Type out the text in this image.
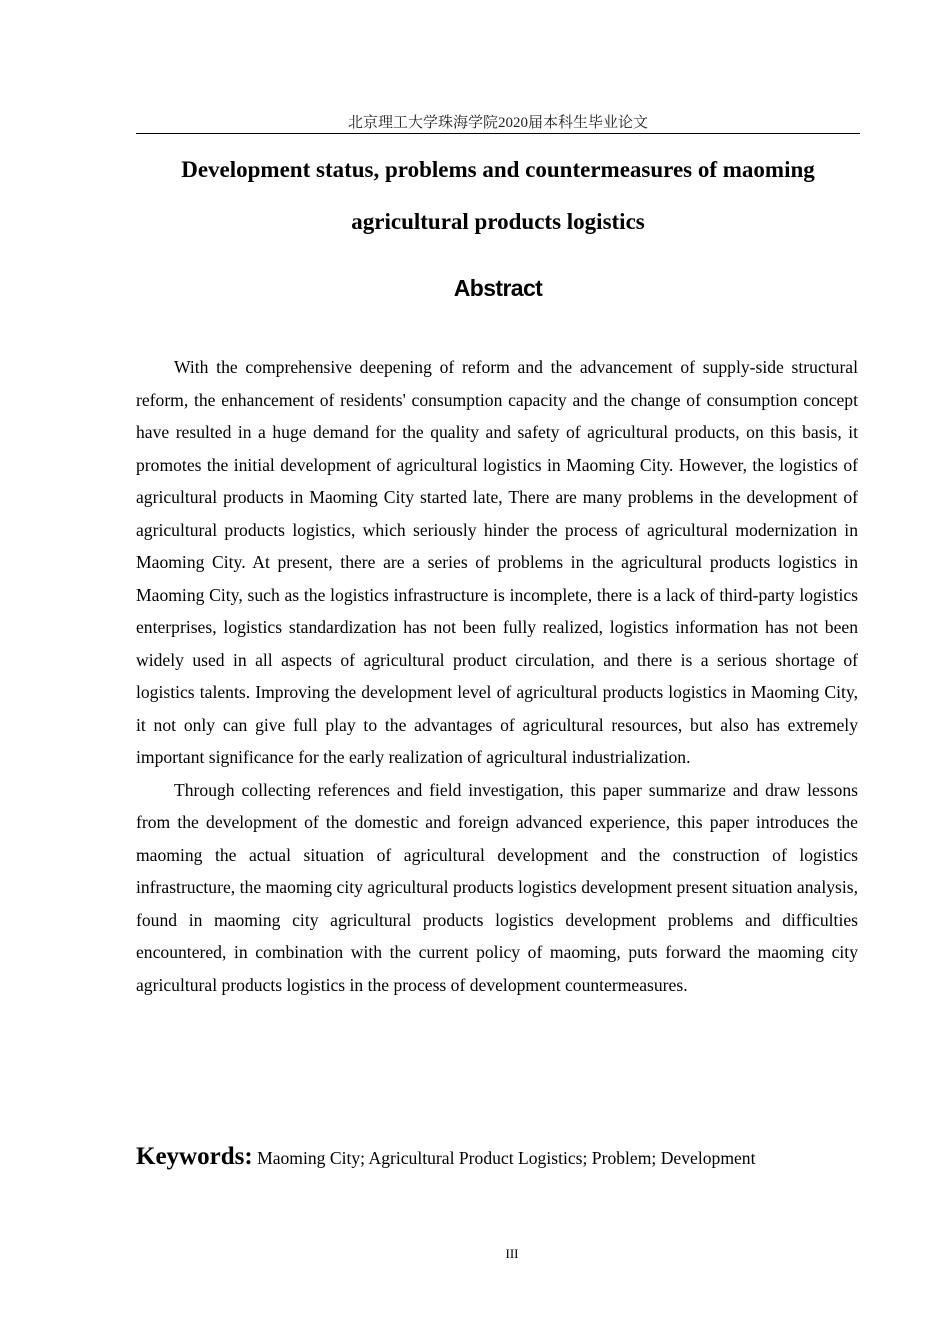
北京理工大学珠海学院2020届本科生毕业论文
Development status, problems and countermeasures of maoming agricultural products logistics
Abstract

With the comprehensive deepening of reform and the advancement of supply-side structural reform, the enhancement of residents' consumption capacity and the change of consumption concept have resulted in a huge demand for the quality and safety of agricultural products, on this basis, it promotes the initial development of agricultural logistics in Maoming City. However, the logistics of agricultural products in Maoming City started late, There are many problems in the development of agricultural products logistics, which seriously hinder the process of agricultural modernization in Maoming City. At present, there are a series of problems in the agricultural products logistics in Maoming City, such as the logistics infrastructure is incomplete, there is a lack of third-party logistics enterprises, logistics standardization has not been fully realized, logistics information has not been widely used in all aspects of agricultural product circulation, and there is a serious shortage of logistics talents. Improving the development level of agricultural products logistics in Maoming City, it not only can give full play to the advantages of agricultural resources, but also has extremely important significance for the early realization of agricultural industrialization.

Through collecting references and field investigation, this paper summarize and draw lessons from the development of the domestic and foreign advanced experience, this paper introduces the maoming the actual situation of agricultural development and the construction of logistics infrastructure, the maoming city agricultural products logistics development present situation analysis, found in maoming city agricultural products logistics development problems and difficulties encountered, in combination with the current policy of maoming, puts forward the maoming city agricultural products logistics in the process of development countermeasures.

Keywords: Maoming City; Agricultural Product Logistics; Problem; Development
III
